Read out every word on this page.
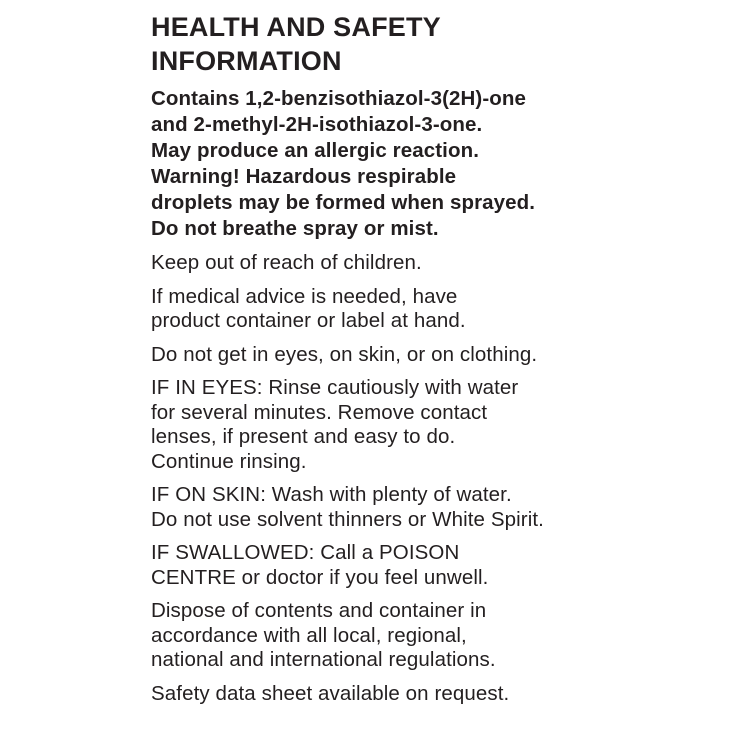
HEALTH AND SAFETY
INFORMATION
Contains 1,2-benzisothiazol-3(2H)-one
and 2-methyl-2H-isothiazol-3-one.
May produce an allergic reaction.
Warning! Hazardous respirable
droplets may be formed when sprayed.
Do not breathe spray or mist.
Keep out of reach of children.
If medical advice is needed, have
product container or label at hand.
Do not get in eyes, on skin, or on clothing.
IF IN EYES: Rinse cautiously with water
for several minutes. Remove contact
lenses, if present and easy to do.
Continue rinsing.
IF ON SKIN: Wash with plenty of water.
Do not use solvent thinners or White Spirit.
IF SWALLOWED: Call a POISON
CENTRE or doctor if you feel unwell.
Dispose of contents and container in
accordance with all local, regional,
national and international regulations.
Safety data sheet available on request.
